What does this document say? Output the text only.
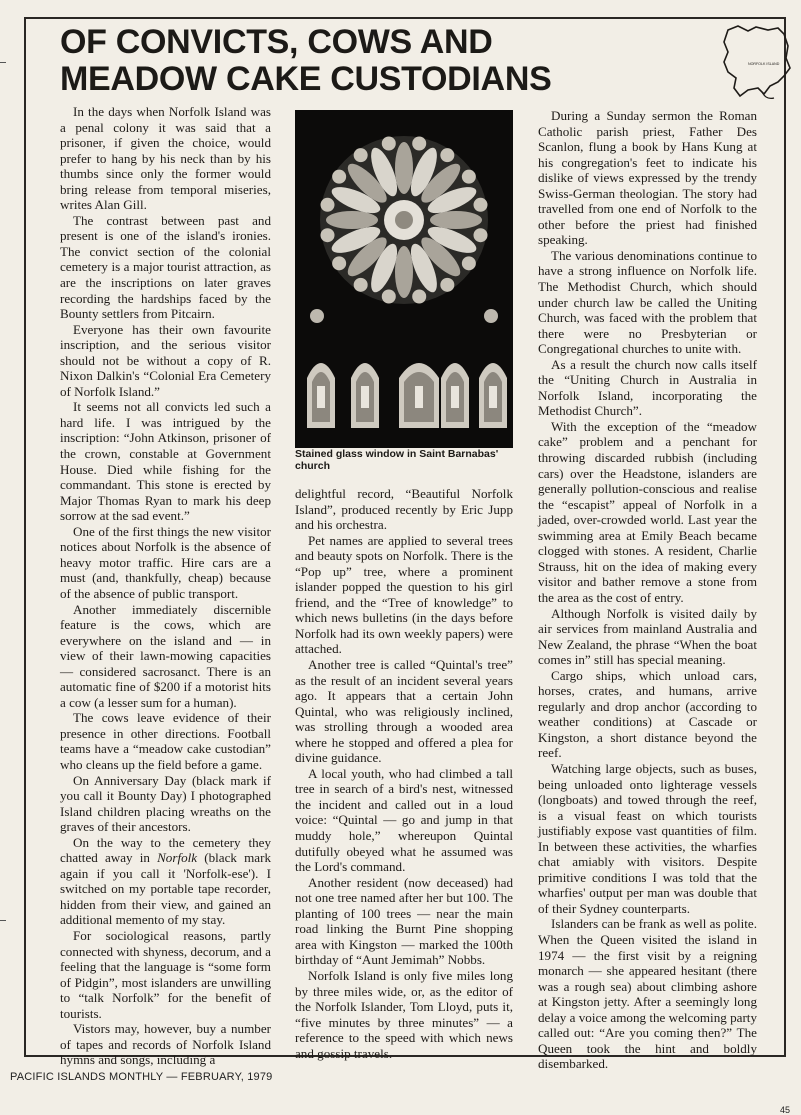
OF CONVICTS, COWS AND
MEADOW CAKE CUSTODIANS	NORFOLK ISLAND

In the days when Norfolk Island was a penal colony it was said that a prisoner, if given the choice, would prefer to hang by his neck than by his thumbs since only the former would bring release from temporal miseries, writes Alan Gill.

The contrast between past and present is one of the island's ironies. The convict section of the colonial cemetery is a major tourist attraction, as are the inscriptions on later graves recording the hardships faced by the Bounty settlers from Pitcairn.

Everyone has their own favourite inscription, and the serious visitor should not be without a copy of R. Nixon Dalkin's “Colonial Era Cemetery of Norfolk Island.”

It seems not all convicts led such a hard life. I was intrigued by the inscription: “John Atkinson, prisoner of the crown, constable at Government House. Died while fishing for the commandant. This stone is erected by Major Thomas Ryan to mark his deep sorrow at the sad event.”

One of the first things the new visitor notices about Norfolk is the absence of heavy motor traffic. Hire cars are a must (and, thankfully, cheap) because of the absence of public transport.

Another immediately discernible feature is the cows, which are everywhere on the island and — in view of their lawn-mowing capacities — considered sacrosanct. There is an automatic fine of $200 if a motorist hits a cow (a lesser sum for a human).

The cows leave evidence of their presence in other directions. Football teams have a “meadow cake custodian” who cleans up the field before a game.

On Anniversary Day (black mark if you call it Bounty Day) I photographed Island children placing wreaths on the graves of their ancestors.

On the way to the cemetery they chatted away in Norfolk (black mark again if you call it 'Norfolk-ese'). I switched on my portable tape recorder, hidden from their view, and gained an additional memento of my stay.

For sociological reasons, partly connected with shyness, decorum, and a feeling that the language is “some form of Pidgin”, most islanders are unwilling to “talk Norfolk” for the benefit of tourists.

Vistors may, however, buy a number of tapes and records of Norfolk Island hymns and songs, including a

Stained glass window in Saint Barnabas' church

delightful record, “Beautiful Norfolk Island”, produced recently by Eric Jupp and his orchestra.

Pet names are applied to several trees and beauty spots on Norfolk. There is the “Pop up” tree, where a prominent islander popped the question to his girl friend, and the “Tree of knowledge” to which news bulletins (in the days before Norfolk had its own weekly papers) were attached.

Another tree is called “Quintal's tree” as the result of an incident several years ago. It appears that a certain John Quintal, who was religiously inclined, was strolling through a wooded area where he stopped and offered a plea for divine guidance.

A local youth, who had climbed a tall tree in search of a bird's nest, witnessed the incident and called out in a loud voice: “Quintal — go and jump in that muddy hole,” whereupon Quintal dutifully obeyed what he assumed was the Lord's command.

Another resident (now deceased) had not one tree named after her but 100. The planting of 100 trees — near the main road linking the Burnt Pine shopping area with Kingston — marked the 100th birthday of “Aunt Jemimah” Nobbs.

Norfolk Island is only five miles long by three miles wide, or, as the editor of the Norfolk Islander, Tom Lloyd, puts it, “five minutes by three minutes” — a reference to the speed with which news and gossip travels.

During a Sunday sermon the Roman Catholic parish priest, Father Des Scanlon, flung a book by Hans Kung at his congregation's feet to indicate his dislike of views expressed by the trendy Swiss-German theologian. The story had travelled from one end of Norfolk to the other before the priest had finished speaking.

The various denominations continue to have a strong influence on Norfolk life. The Methodist Church, which should under church law be called the Uniting Church, was faced with the problem that there were no Presbyterian or Congregational churches to unite with.

As a result the church now calls itself the “Uniting Church in Australia in Norfolk Island, incorporating the Methodist Church”.

With the exception of the “meadow cake” problem and a penchant for throwing discarded rubbish (including cars) over the Headstone, islanders are generally pollution-conscious and realise the “escapist” appeal of Norfolk in a jaded, over-crowded world. Last year the swimming area at Emily Beach became clogged with stones. A resident, Charlie Strauss, hit on the idea of making every visitor and bather remove a stone from the area as the cost of entry.

Although Norfolk is visited daily by air services from mainland Australia and New Zealand, the phrase “When the boat comes in” still has special meaning.

Cargo ships, which unload cars, horses, crates, and humans, arrive regularly and drop anchor (according to weather conditions) at Cascade or Kingston, a short distance beyond the reef.

Watching large objects, such as buses, being unloaded onto lighterage vessels (longboats) and towed through the reef, is a visual feast on which tourists justifiably expose vast quantities of film. In between these activities, the wharfies chat amiably with visitors. Despite primitive conditions I was told that the wharfies' output per man was double that of their Sydney counterparts.

Islanders can be frank as well as polite. When the Queen visited the island in 1974 — the first visit by a reigning monarch — she appeared hesitant (there was a rough sea) about climbing ashore at Kingston jetty. After a seemingly long delay a voice among the welcoming party called out: “Are you coming then?” The Queen took the hint and boldly disembarked.

PACIFIC ISLANDS MONTHLY — FEBRUARY, 1979
45
